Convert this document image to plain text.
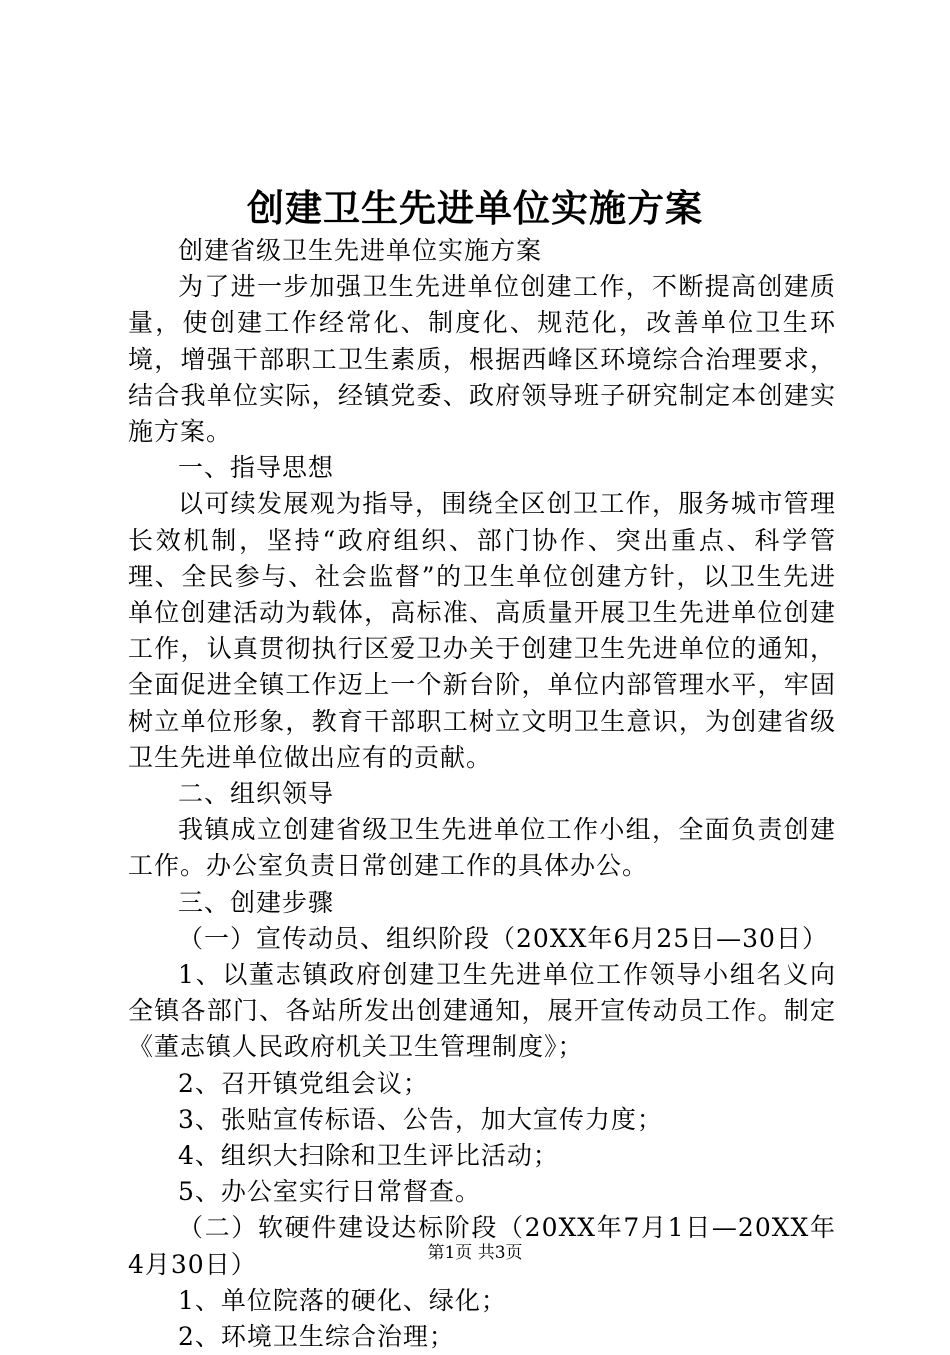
创建卫生先进单位实施方案

创建省级卫生先进单位实施方案

为了进一步加强卫生先进单位创建工作，不断提高创建质量，使创建工作经常化、制度化、规范化，改善单位卫生环境，增强干部职工卫生素质，根据西峰区环境综合治理要求，结合我单位实际，经镇党委、政府领导班子研究制定本创建实施方案。

一、指导思想

以可续发展观为指导，围绕全区创卫工作，服务城市管理长效机制，坚持“政府组织、部门协作、突出重点、科学管理、全民参与、社会监督”的卫生单位创建方针，以卫生先进单位创建活动为载体，高标准、高质量开展卫生先进单位创建工作，认真贯彻执行区爱卫办关于创建卫生先进单位的通知，全面促进全镇工作迈上一个新台阶，单位内部管理水平，牢固树立单位形象，教育干部职工树立文明卫生意识，为创建省级卫生先进单位做出应有的贡献。

二、组织领导

我镇成立创建省级卫生先进单位工作小组，全面负责创建工作。办公室负责日常创建工作的具体办公。

三、创建步骤

（一）宣传动员、组织阶段（20XX年6月25日—30日）

1、以董志镇政府创建卫生先进单位工作领导小组名义向全镇各部门、各站所发出创建通知，展开宣传动员工作。制定《董志镇人民政府机关卫生管理制度》；

2、召开镇党组会议；

3、张贴宣传标语、公告，加大宣传力度；

4、组织大扫除和卫生评比活动；

5、办公室实行日常督查。

（二）软硬件建设达标阶段（20XX年7月1日—20XX年4月30日）

1、单位院落的硬化、绿化；

2、环境卫生综合治理；

第1页 共3页
